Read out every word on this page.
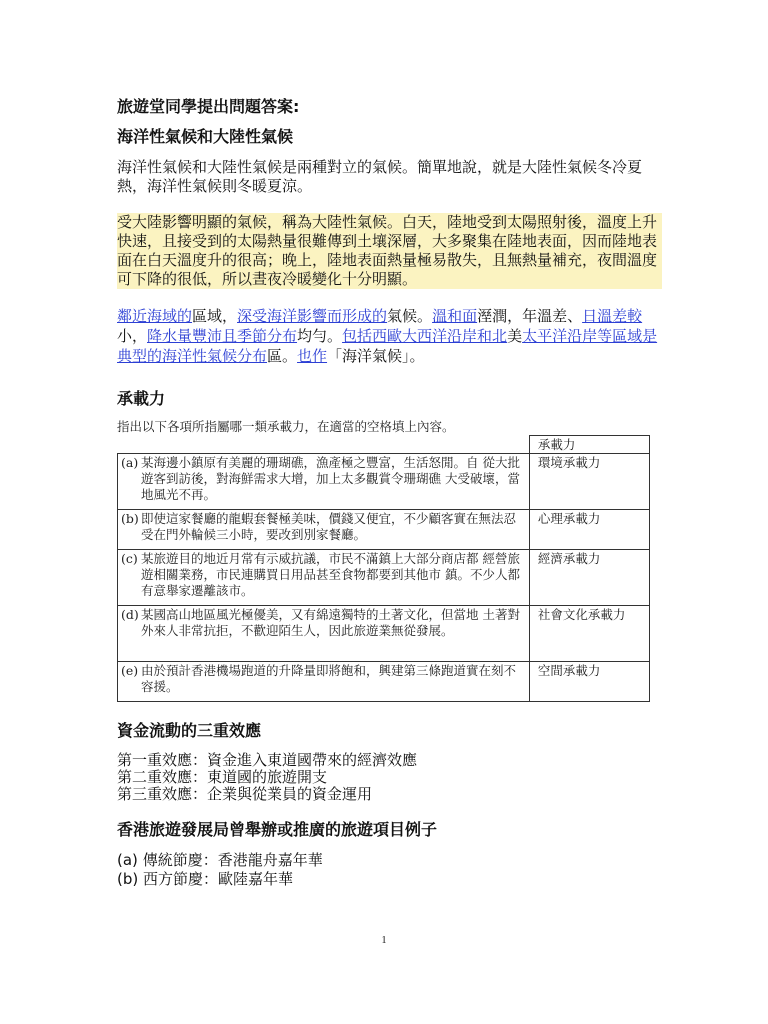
旅遊堂同學提出問題答案:

海洋性氣候和大陸性氣候

海洋性氣候和大陸性氣候是兩種對立的氣候。簡單地說，就是大陸性氣候冬冷夏熱，海洋性氣候則冬暖夏涼。

受大陸影響明顯的氣候，稱為大陸性氣候。白天，陸地受到太陽照射後，溫度上升快速，且接受到的太陽熱量很難傳到土壤深層，大多聚集在陸地表面，因而陸地表面在白天溫度升的很高；晚上，陸地表面熱量極易散失，且無熱量補充，夜間溫度可下降的很低，所以晝夜冷暖變化十分明顯。

鄰近海域的區域，深受海洋影響而形成的氣候。溫和面溼潤，年溫差、日溫差較小，降水量豐沛且季節分布均勻。包括西歐大西洋沿岸和北美太平洋沿岸等區域是典型的海洋性氣候分布區。也作「海洋氣候」。

承載力

指出以下各項所指屬哪一類承載力，在適當的空格填上內容。

	承載力

(a) 某海邊小鎮原有美麗的珊瑚礁，漁產極之豐富，生活怒閒。自 從大批遊客到訪後，對海鮮需求大增，加上太多觀賞令珊瑚礁 大受破壞，當地風光不再。	環境承載力

(b) 即使這家餐廳的龍蝦套餐極美味，價錢又便宜，不少顧客實在無法忍受在門外輪候三小時，要改到別家餐廳。	心理承載力

(c) 某旅遊目的地近月常有示威抗議，市民不滿鎮上大部分商店都 經營旅遊相關業務，市民連購買日用品甚至食物都要到其他市 鎮。不少人都有意舉家遷離該市。	經濟承載力

(d) 某國高山地區風光極優美，又有綿遠獨特的土著文化，但當地 土著對外來人非常抗拒，不歡迎陌生人，因此旅遊業無從發展。	社會文化承載力

(e) 由於預計香港機場跑道的升降量即將飽和，興建第三條跑道實在刻不容援。	空間承載力

資金流動的三重效應

第一重效應：資金進入東道國帶來的經濟效應

第二重效應：東道國的旅遊開支

第三重效應：企業與從業員的資金運用

香港旅遊發展局曾舉辦或推廣的旅遊項目例子

(a) 傳統節慶：香港龍舟嘉年華

(b) 西方節慶：歐陸嘉年華

1
